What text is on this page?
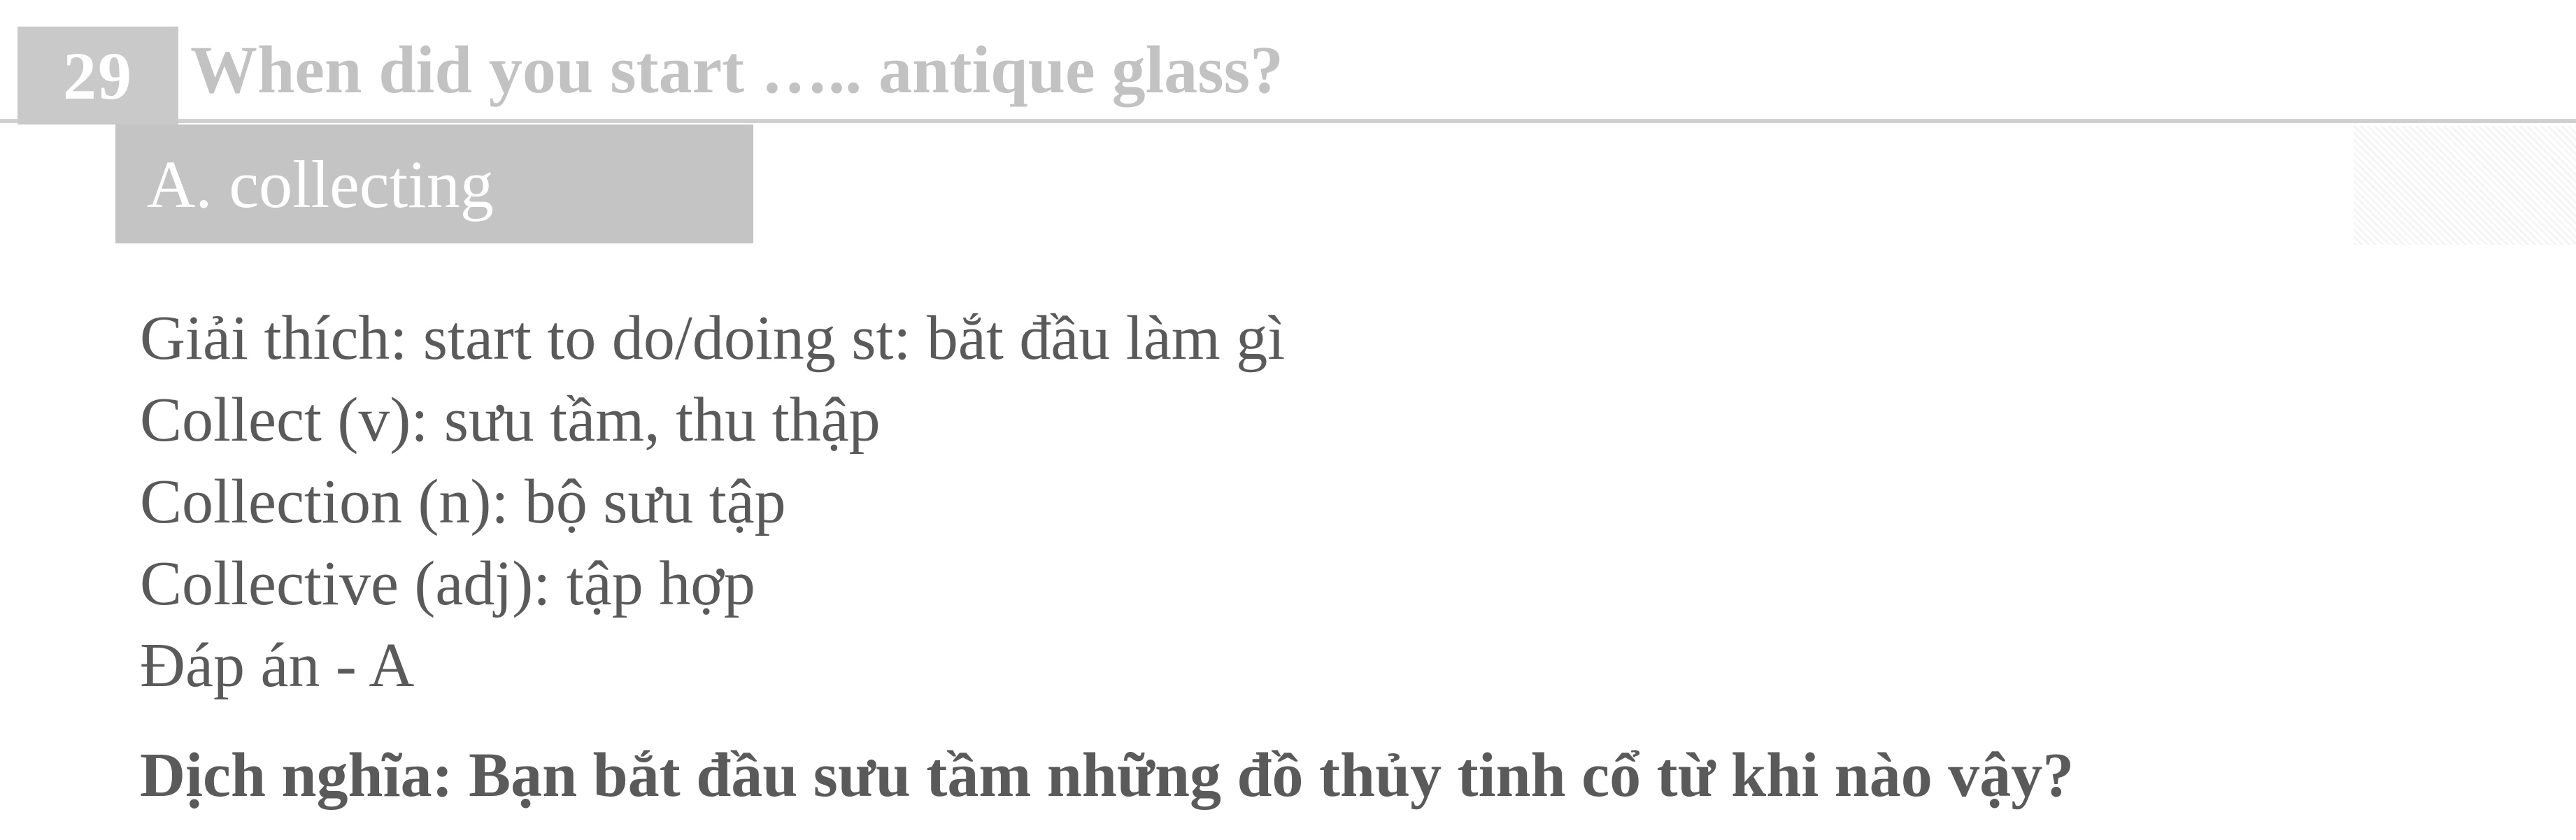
29 When did you start ….. antique glass?
A. collecting
Giải thích: start to do/doing st: bắt đầu làm gì
Collect (v): sưu tầm, thu thập
Collection (n): bộ sưu tập
Collective (adj): tập hợp
Đáp án - A
Dịch nghĩa: Bạn bắt đầu sưu tầm những đồ thủy tinh cổ từ khi nào vậy?
